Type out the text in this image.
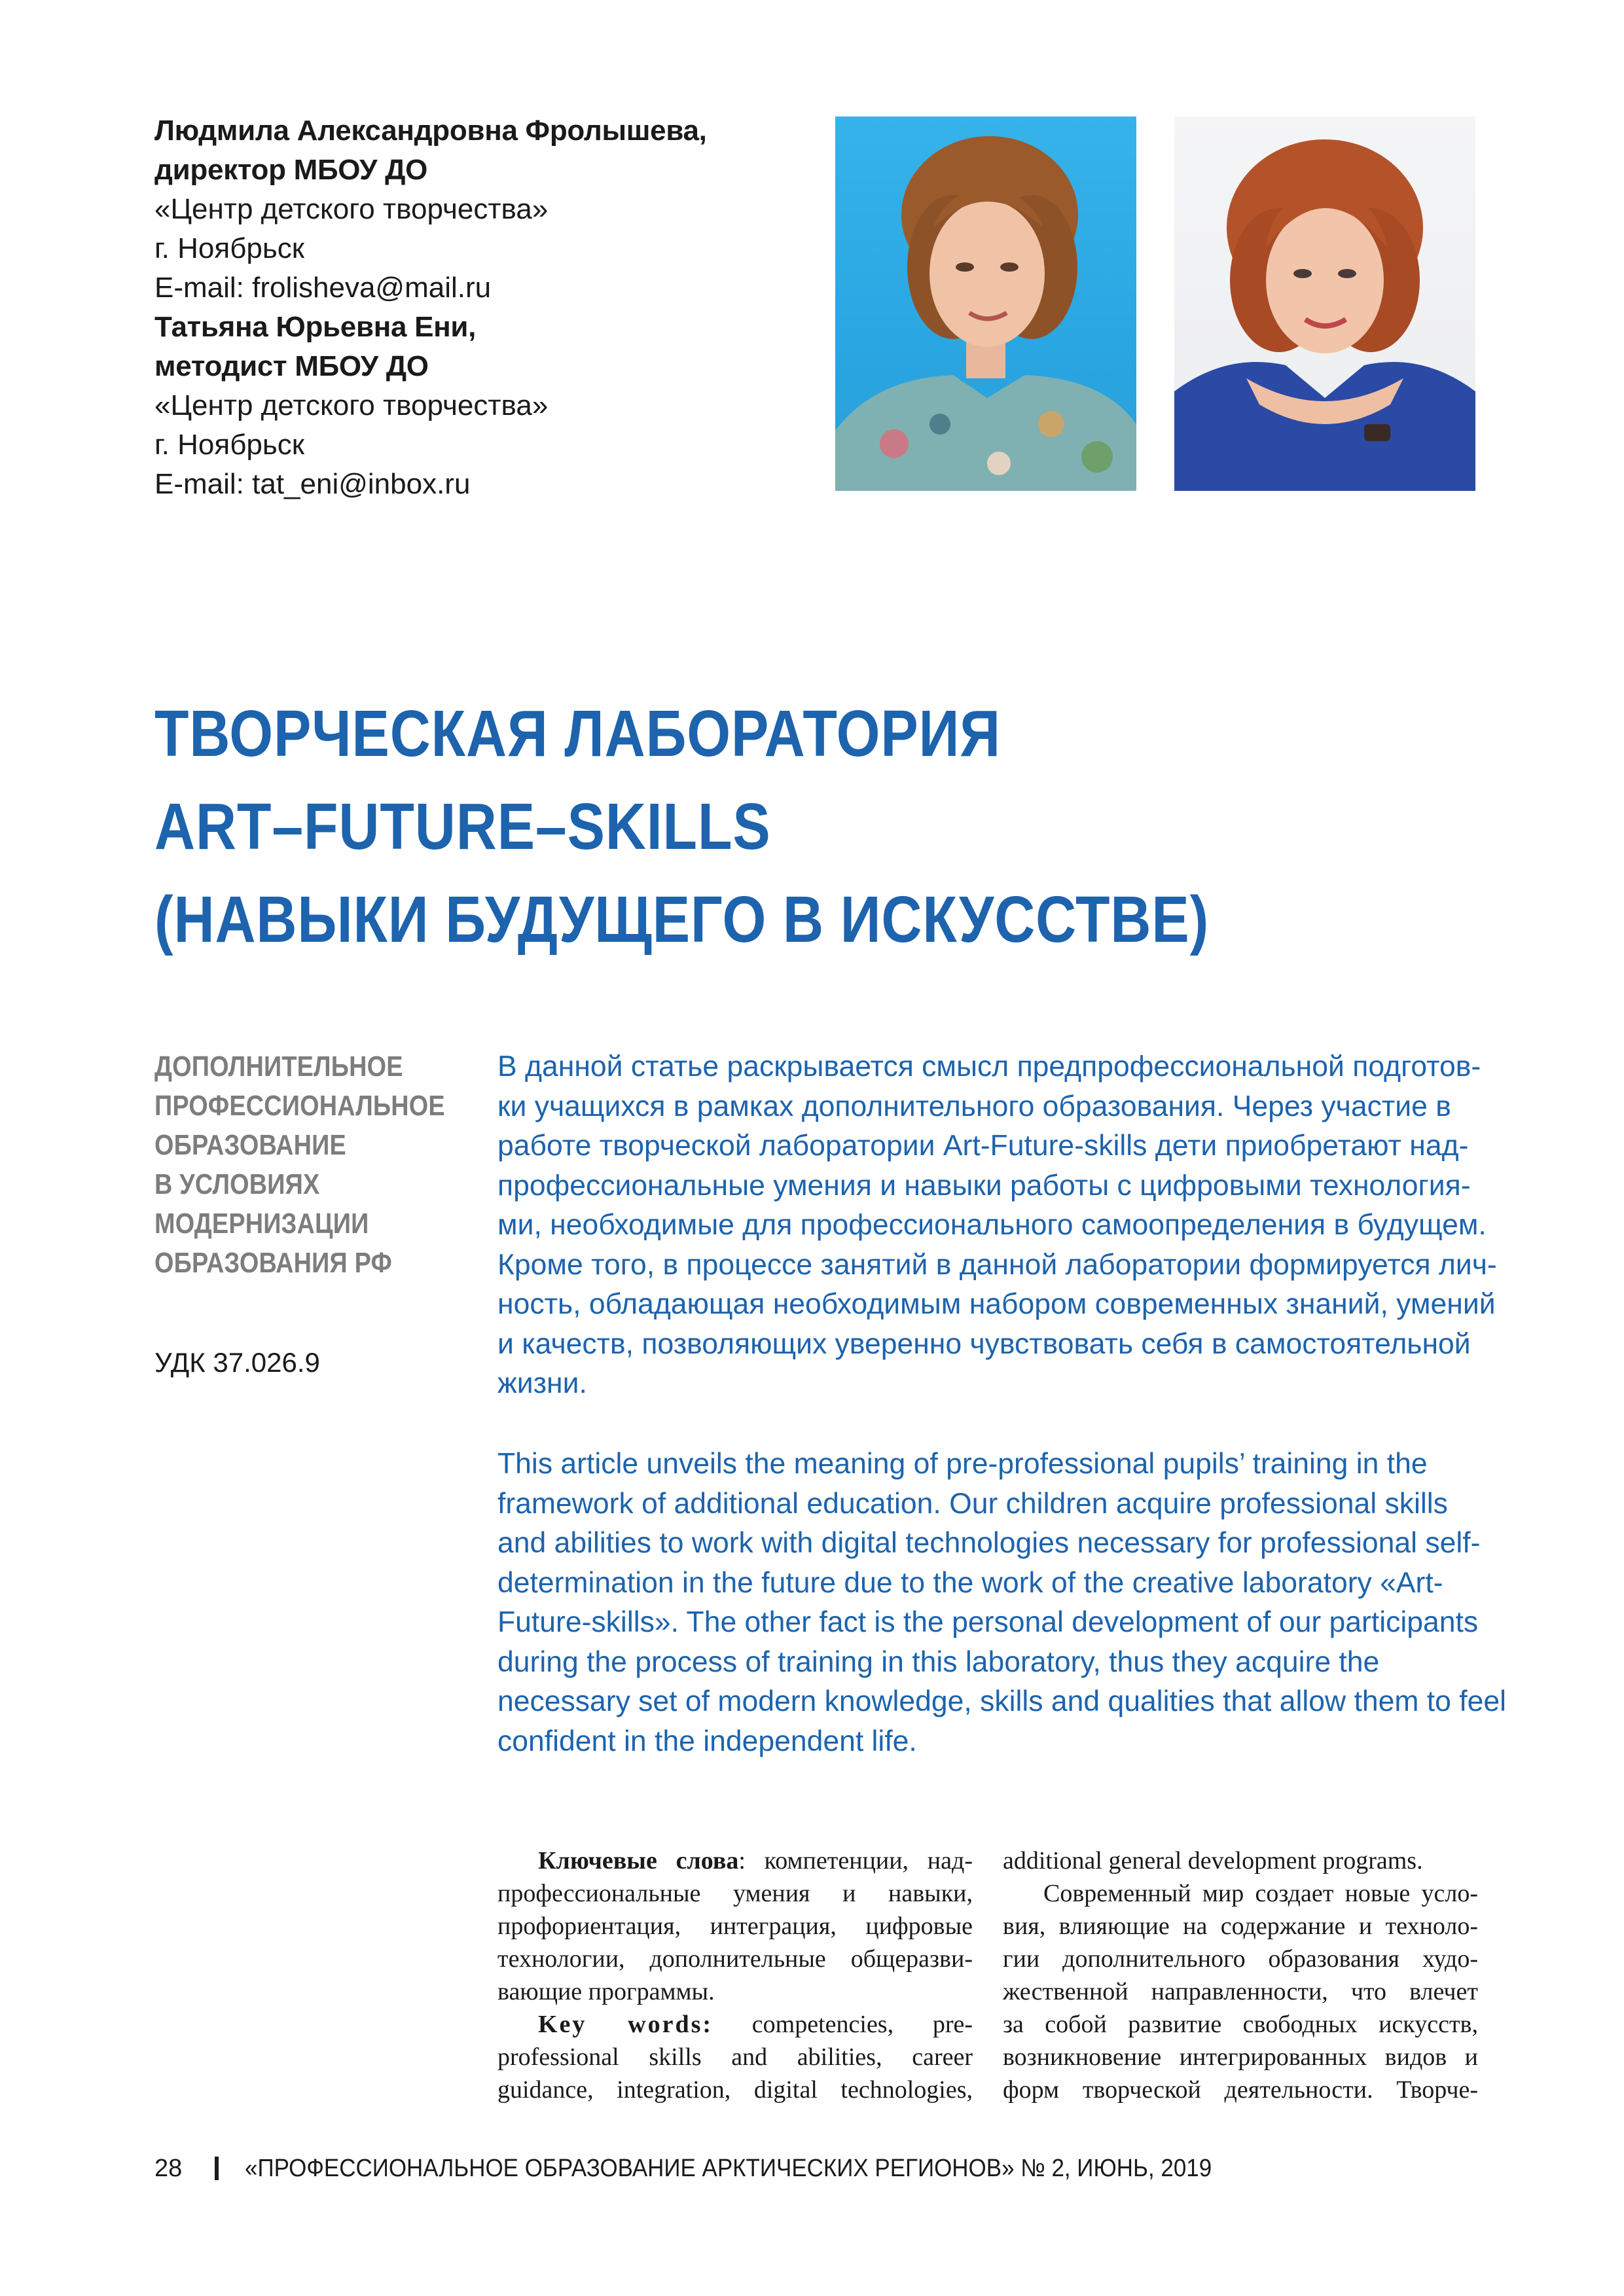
Людмила Александровна Фролышева,
директор МБОУ ДО
«Центр детского творчества»
г. Ноябрьск
E-mail: frolisheva@mail.ru
Татьяна Юрьевна Ени,
методист МБОУ ДО
«Центр детского творчества»
г. Ноябрьск
E-mail: tat_eni@inbox.ru
ТВОРЧЕСКАЯ ЛАБОРАТОРИЯ
ART–FUTURE–SKILLS
(НАВЫКИ БУДУЩЕГО В ИСКУССТВЕ)
ДОПОЛНИТЕЛЬНОЕ
ПРОФЕССИОНАЛЬНОЕ
ОБРАЗОВАНИЕ
В УСЛОВИЯХ
МОДЕРНИЗАЦИИ
ОБРАЗОВАНИЯ РФ
УДК 37.026.9
В данной статье раскрывается смысл предпрофессиональной подготов-
ки учащихся в рамках дополнительного образования. Через участие в
работе творческой лаборатории Art-Future-skills дети приобретают над-
профессиональные умения и навыки работы с цифровыми технология-
ми, необходимые для профессионального самоопределения в будущем.
Кроме того, в процессе занятий в данной лаборатории формируется лич-
ность, обладающая необходимым набором современных знаний, умений
и качеств, позволяющих уверенно чувствовать себя в самостоятельной
жизни.
This article unveils the meaning of pre-professional pupils’ training in the
framework of additional education. Our children acquire professional skills
and abilities to work with digital technologies necessary for professional self-
determination in the future due to the work of the creative laboratory «Art-
Future-skills». The other fact is the personal development of our participants
during the process of training in this laboratory, thus they acquire the
necessary set of modern knowledge, skills and qualities that allow them to feel
confident in the independent life.
Ключевые слова: компетенции, над-
профессиональные умения и навыки,
профориентация, интеграция, цифровые
технологии, дополнительные общеразви-
вающие программы.
Key words: competencies, pre-
professional skills and abilities, career
guidance, integration, digital technologies,
additional general development programs.
Современный мир создает новые усло-
вия, влияющие на содержание и техноло-
гии дополнительного образования худо-
жественной направленности, что влечет
за собой развитие свободных искусств,
возникновение интегрированных видов и
форм творческой деятельности. Творче-
28	«ПРОФЕССИОНАЛЬНОЕ ОБРАЗОВАНИЕ АРКТИЧЕСКИХ РЕГИОНОВ» № 2, ИЮНЬ, 2019
